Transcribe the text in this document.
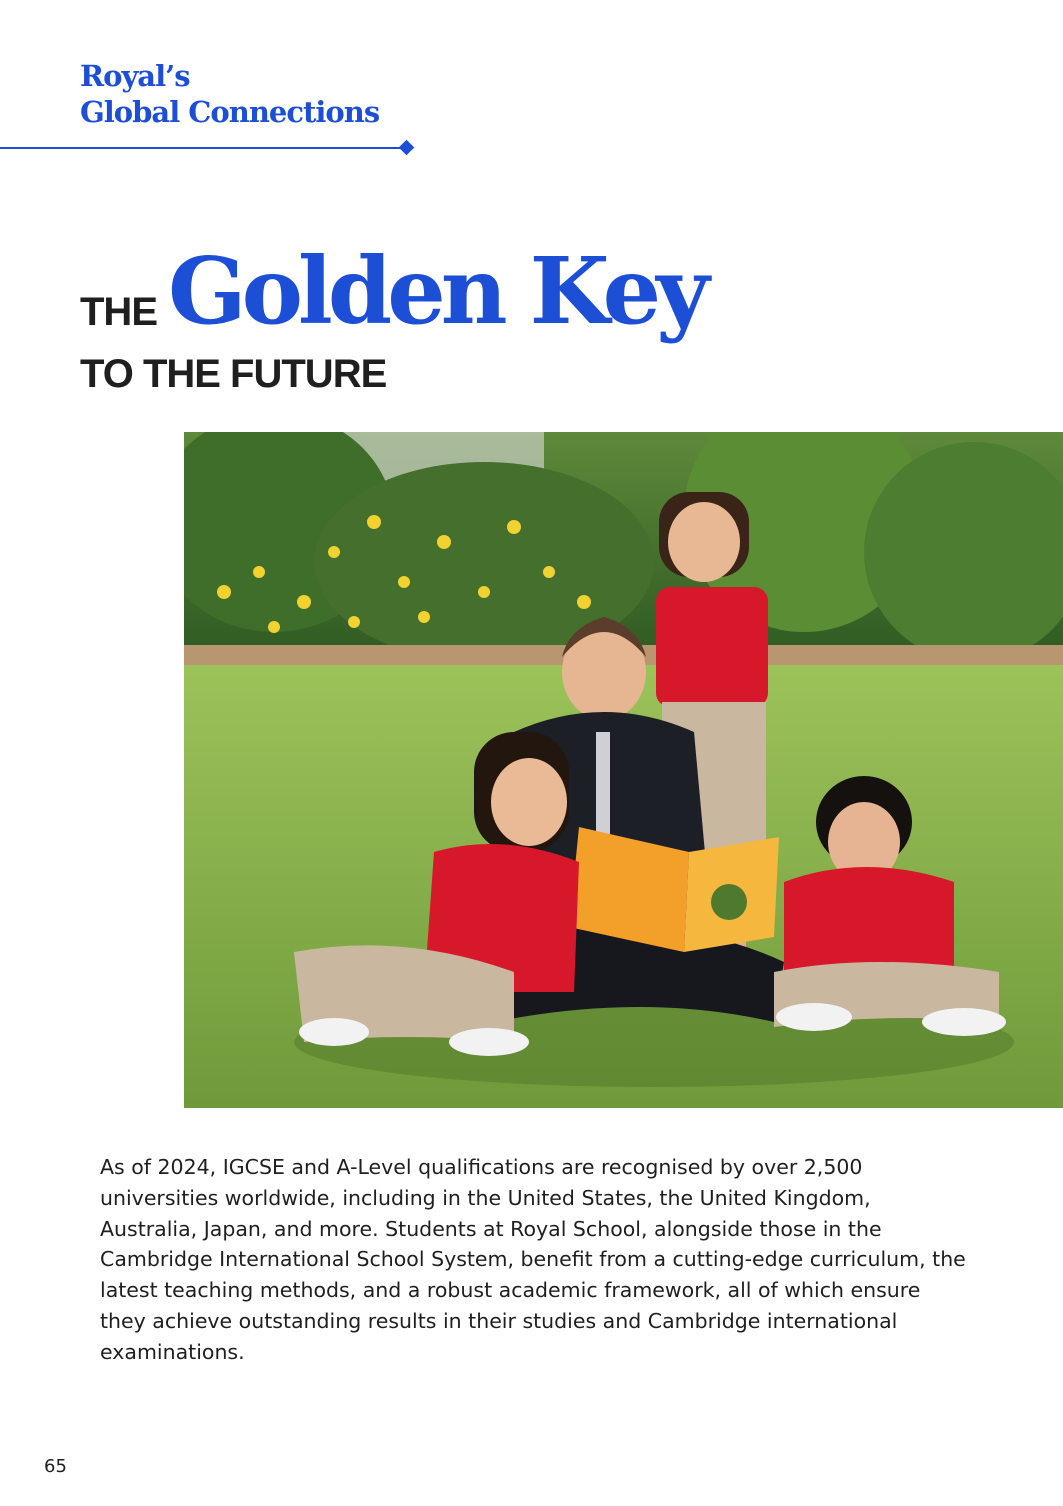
Royal’s
Global Connections
THE Golden Key
TO THE FUTURE

As of 2024, IGCSE and A-Level qualifications are recognised by over 2,500 universities worldwide, including in the United States, the United Kingdom, Australia, Japan, and more. Students at Royal School, alongside those in the Cambridge International School System, benefit from a cutting-edge curriculum, the latest teaching methods, and a robust academic framework, all of which ensure they achieve outstanding results in their studies and Cambridge international examinations.

65
